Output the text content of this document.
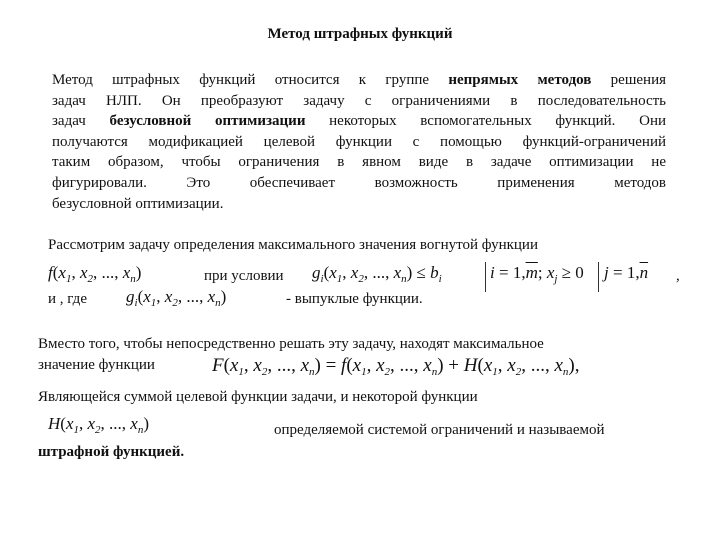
Метод штрафных функций
Метод штрафных функций относится к группе непрямых методов решения
задач НЛП. Он преобразуют задачу с ограничениями в последовательность
задач безусловной оптимизации некоторых вспомогательных функций. Они
получаются модификацией целевой функции с помощью функций-ограничений
таким образом, чтобы ограничения в явном виде в задаче оптимизации не
фигурировали. Это обеспечивает возможность применения методов
безусловной оптимизации.
Рассмотрим задачу определения максимального значения вогнутой функции
$f(x_1$, $x_2$, ..., $x_n$)	при условии $g_i(x_1$, $x_2$, ..., $x_n) \le b_i$	$i = 1,\overline{m}$; $x_j \ge 0$ $j = 1,\overline{n}$ ,
и , где $g_i(x_1$, $x_2$, ..., $x_n$)	- выпуклые функции.
Вместо того, чтобы непосредственно решать эту задачу, находят максимальное
значение функции	$F(x_1$, $x_2$, ..., $x_n) = f(x_1$, $x_2$, ..., $x_n) + H(x_1$, $x_2$, ..., $x_n$),
Являющейся суммой целевой функции задачи, и некоторой функции
$H(x_1$, $x_2$, ..., $x_n$)	определяемой системой ограничений и называемой
штрафной функцией.
